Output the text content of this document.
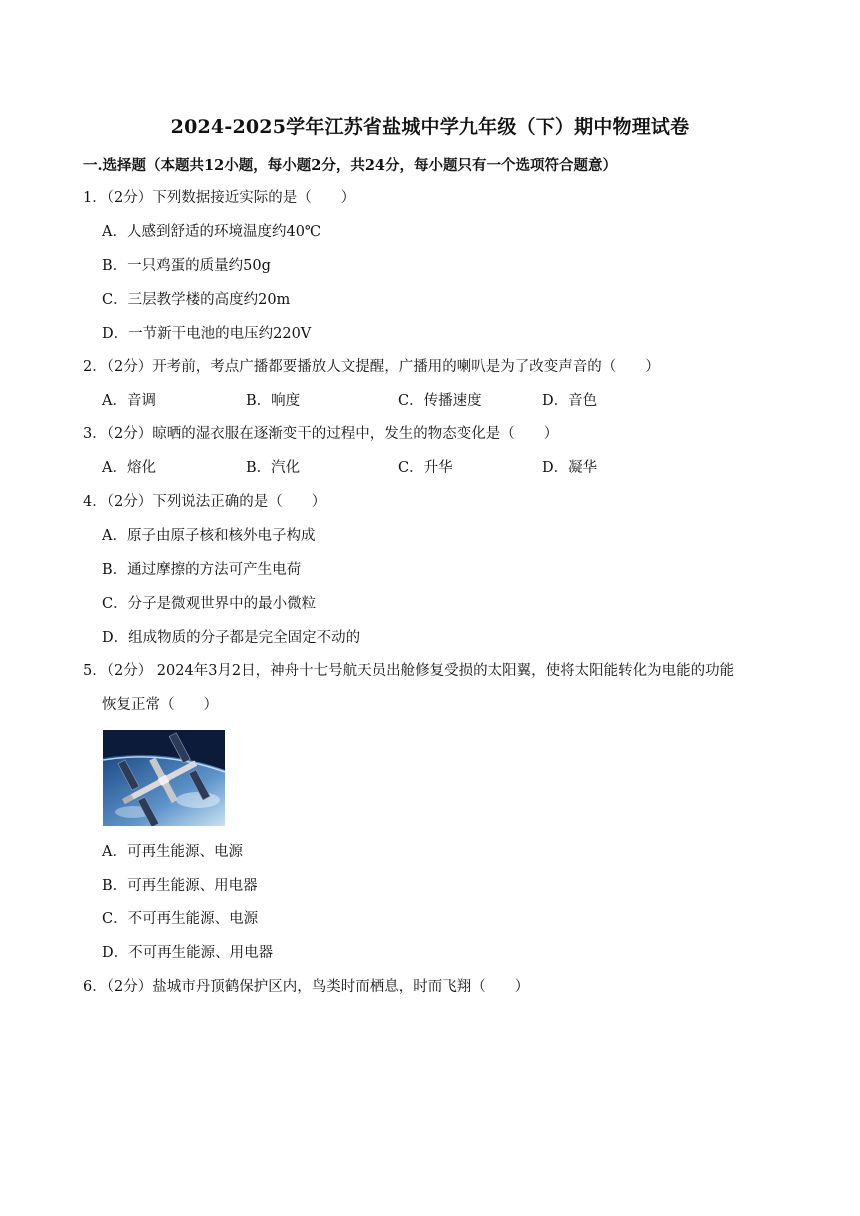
2024-2025学年江苏省盐城中学九年级（下）期中物理试卷
一.选择题（本题共12小题，每小题2分，共24分，每小题只有一个选项符合题意）
1．（2分）下列数据接近实际的是（　　）
A．人感到舒适的环境温度约40℃
B．一只鸡蛋的质量约50g
C．三层教学楼的高度约20m
D．一节新干电池的电压约220V
2．（2分）开考前，考点广播都要播放人文提醒，广播用的喇叭是为了改变声音的（　　）
A．音调	B．响度	C．传播速度	D．音色
3．（2分）晾晒的湿衣服在逐渐变干的过程中，发生的物态变化是（　　）
A．熔化	B．汽化	C．升华	D．凝华
4．（2分）下列说法正确的是（　　）
A．原子由原子核和核外电子构成
B．通过摩擦的方法可产生电荷
C．分子是微观世界中的最小微粒
D．组成物质的分子都是完全固定不动的
5．（2分） 2024年3月2日，神舟十七号航天员出舱修复受损的太阳翼，使将太阳能转化为电能的功能
恢复正常（　　）
A．可再生能源、电源
B．可再生能源、用电器
C．不可再生能源、电源
D．不可再生能源、用电器
6．（2分）盐城市丹顶鹤保护区内，鸟类时而栖息，时而飞翔（　　）
